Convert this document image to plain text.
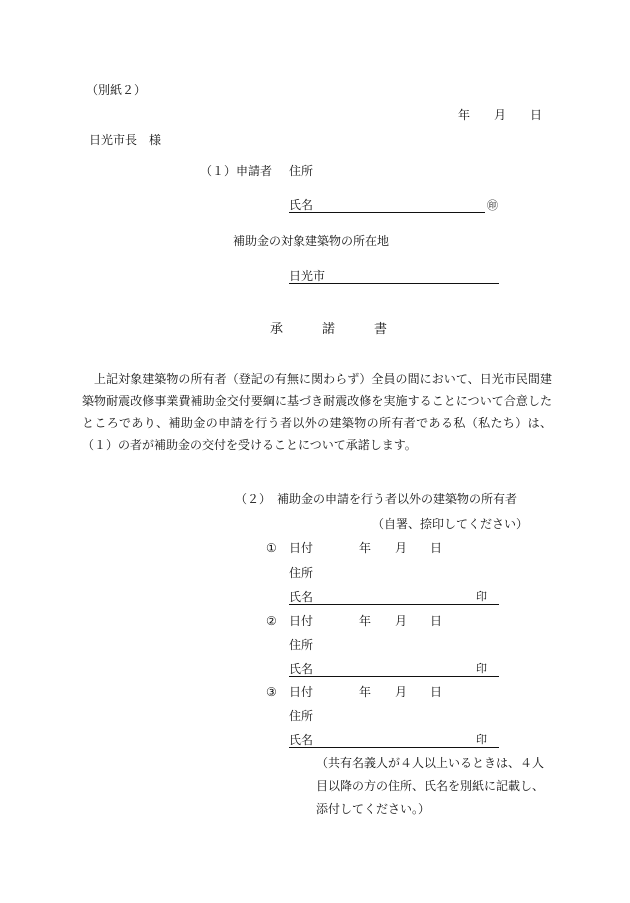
（別紙２）
年 月 日
日光市長　様
（１）申請者 住所
氏名	㊞
補助金の対象建築物の所在地
日光市
承	諾	書

上記対象建築物の所有者（登記の有無に関わらず）全員の間において、日光市民間建築物耐震改修事業費補助金交付要綱に基づき耐震改修を実施することについて合意したところであり、補助金の申請を行う者以外の建築物の所有者である私（私たち）は、（１）の者が補助金の交付を受けることについて承諾します。

（２）　補助金の申請を行う者以外の建築物の所有者
（自署、捺印してください）
① 日付	年 月 日
住所
氏名	印
② 日付	年 月 日
住所
氏名	印
③ 日付	年 月 日
住所
氏名	印
（共有名義人が４人以上いるときは、４人目以降の方の住所、氏名を別紙に記載し、添付してください。）
